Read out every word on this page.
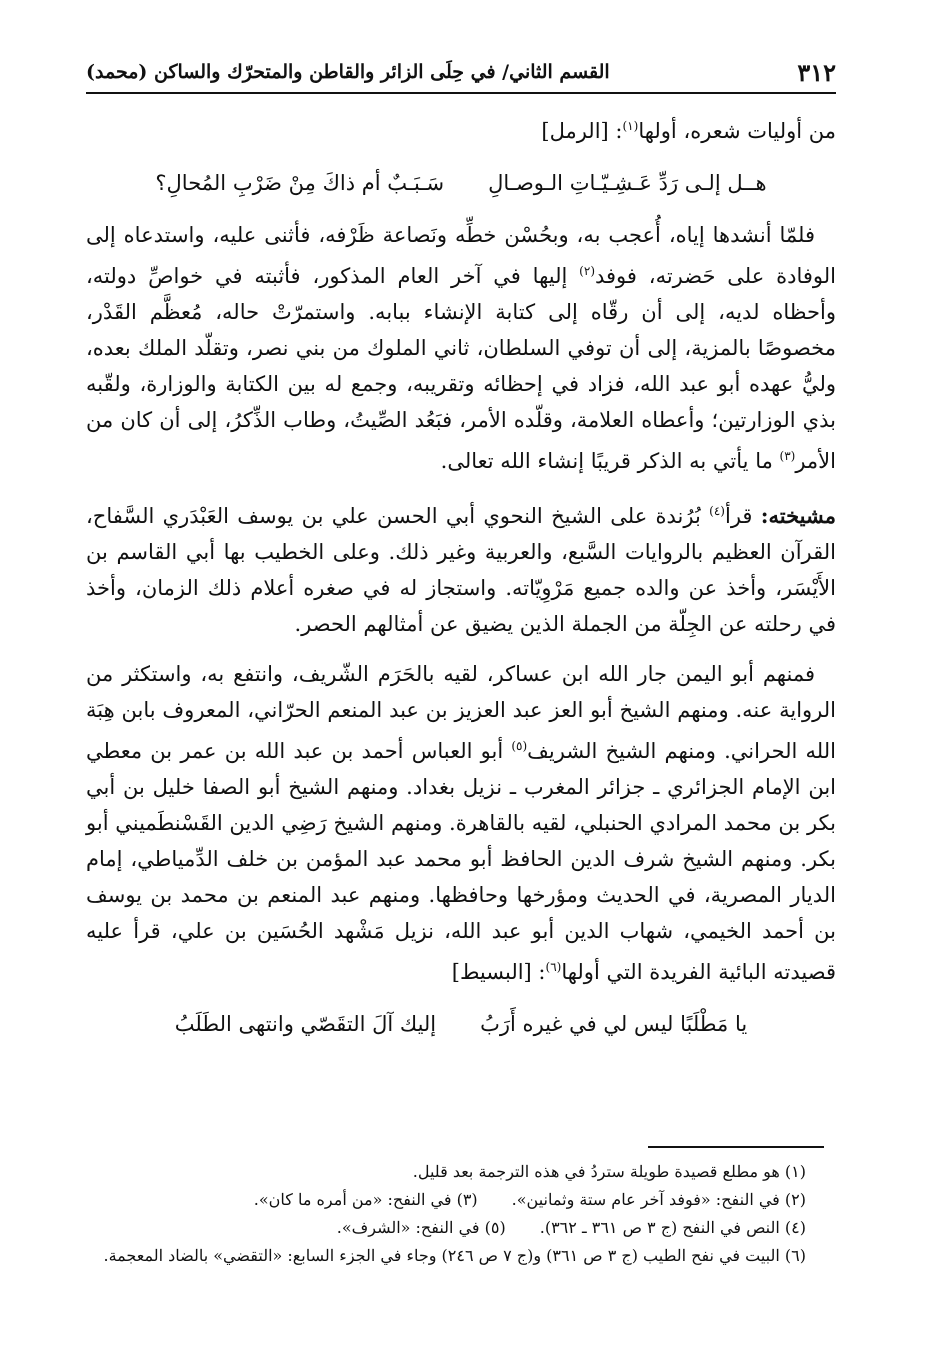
٣١٢
القسم الثاني/ في حِلَى الزائر والقاطن والمتحرّك والساكن (محمد)

من أوليات شعره، أولها$^{(١)}$: [الرمل]

هــل إلـى رَدِّ عَـشِـيّـاتِ الـوصـالِ
سَـبَـبٌ أم ذاكَ مِنْ ضَرْبِ المُحالِ؟

 فلمّا أنشدها إياه، أُعجب به، وبحُسْن خطِّه ونَصاعة ظَرْفه، فأثنى عليه، واستدعاه إلى الوفادة على حَضرته، فوفد$^{(٢)}$ إليها في آخر العام المذكور، فأثبته في خواصِّ دولته، وأحظاه لديه، إلى أن رقّاه إلى كتابة الإنشاء ببابه. واستمرّتْ حاله، مُعظَّم القَدْر، مخصوصًا بالمزية، إلى أن توفي السلطان، ثاني الملوك من بني نصر، وتقلّد الملك بعده، وليُّ عهده أبو عبد الله، فزاد في إحظائه وتقريبه، وجمع له بين الكتابة والوزارة، ولقّبه بذي الوزارتين؛ وأعطاه العلامة، وقلّده الأمر، فبَعُد الصِّيتُ، وطاب الذِّكرُ، إلى أن كان من الأمر$^{(٣)}$ ما يأتي به الذكر قريبًا إنشاء الله تعالى.

مشيخته: قرأ$^{(٤)}$ بُرُندة على الشيخ النحوي أبي الحسن علي بن يوسف العَبْدَري السَّفاح، القرآن العظيم بالروايات السَّبع، والعربية وغير ذلك. وعلى الخطيب بها أبي القاسم بن الأَيْسَر، وأخذ عن والده جميع مَرْوِيّاته. واستجاز له في صغره أعلام ذلك الزمان، وأخذ في رحلته عن الجِلّة من الجملة الذين يضيق عن أمثالهم الحصر.

 فمنهم أبو اليمن جار الله ابن عساكر، لقيه بالحَرَم الشّريف، وانتفع به، واستكثر من الرواية عنه. ومنهم الشيخ أبو العز عبد العزيز بن عبد المنعم الحرّاني، المعروف بابن هِبَة الله الحراني. ومنهم الشيخ الشريف$^{(٥)}$ أبو العباس أحمد بن عبد الله بن عمر بن معطي ابن الإمام الجزائري ـ جزائر المغرب ـ نزيل بغداد. ومنهم الشيخ أبو الصفا خليل بن أبي بكر بن محمد المرادي الحنبلي، لقيه بالقاهرة. ومنهم الشيخ رَضِي الدين القَسْنطَميني أبو بكر. ومنهم الشيخ شرف الدين الحافظ أبو محمد عبد المؤمن بن خلف الدِّمياطي، إمام الديار المصرية، في الحديث ومؤرخها وحافظها. ومنهم عبد المنعم بن محمد بن يوسف بن أحمد الخيمي، شهاب الدين أبو عبد الله، نزيل مَشْهد الحُسَين بن علي، قرأ عليه قصيدته البائية الفريدة التي أولها$^{(٦)}$: [البسيط]

يا مَطْلَبًا ليس لي في غيره أَرَبُ
إليك آلَ التقَصّي وانتهى الطَلَبُ
(١) هو مطلع قصيدة طويلة ستردُ في هذه الترجمة بعد قليل.
(٢) في النفح: «فوفد آخر عام ستة وثمانين».
(٣) في النفح: «من أمره ما كان».
(٤) النص في النفح (ج ٣ ص ٣٦١ ـ ٣٦٢).
(٥) في النفح: «الشرف».
(٦) البيت في نفح الطيب (ج ٣ ص ٣٦١) و(ج ٧ ص ٢٤٦) وجاء في الجزء السابع: «التقضي» بالضاد المعجمة.
